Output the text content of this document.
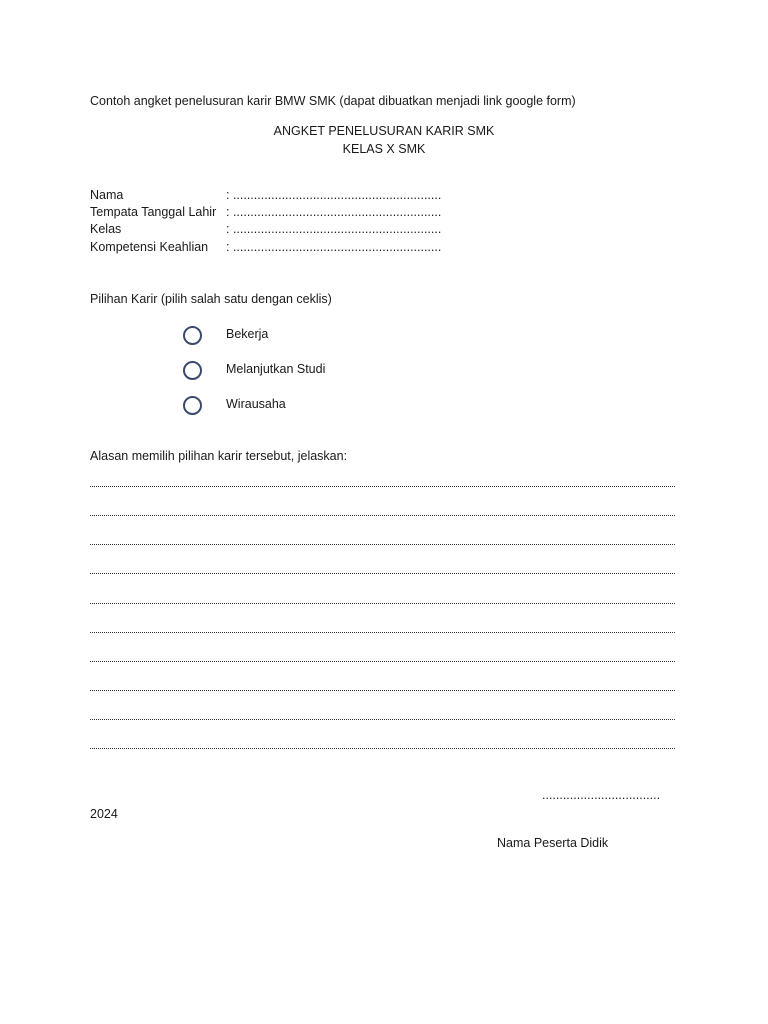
Contoh angket penelusuran karir BMW SMK (dapat dibuatkan menjadi link google form)
ANGKET PENELUSURAN KARIR SMK
KELAS X SMK
Nama	: ............................................................
Tempata Tanggal Lahir : ............................................................
Kelas	: ............................................................
Kompetensi Keahlian : ............................................................
Pilihan Karir (pilih salah satu dengan ceklis)
Bekerja
Melanjutkan Studi
Wirausaha
Alasan memilih pilihan karir tersebut, jelaskan:
..................................
2024
Nama Peserta Didik
